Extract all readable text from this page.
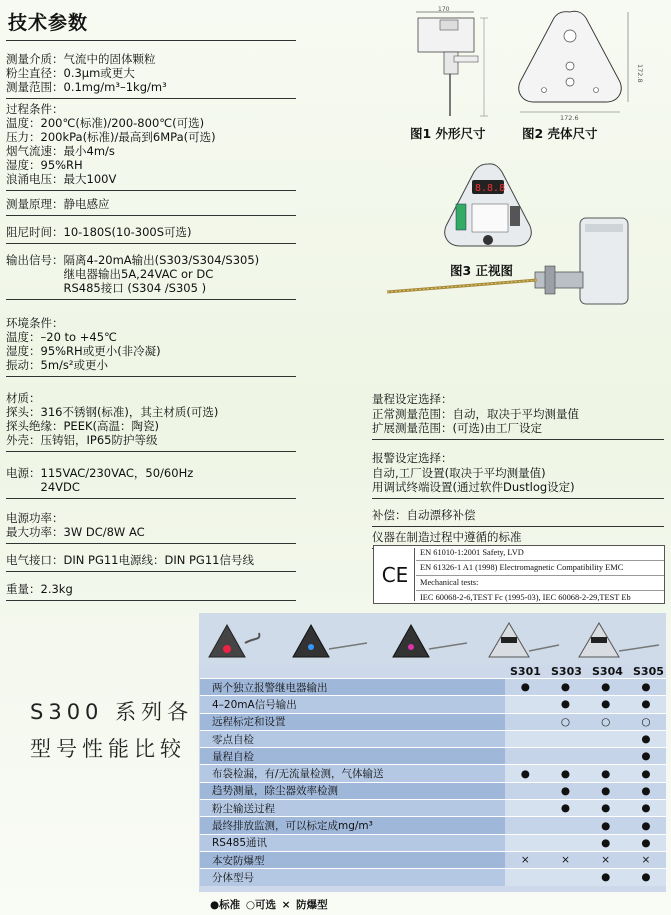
技术参数
测量介质：气流中的固体颗粒
粉尘直径：0.3μm或更大
测量范围：0.1mg/m³–1kg/m³
过程条件：
温度：200℃(标准)/200-800℃(可选)
压力：200kPa(标准)/最高到6MPa(可选)
烟气流速：最小4m/s
湿度：95%RH
浪涌电压：最大100V
测量原理：静电感应
阻尼时间：10-180S(10-300S可选)
输出信号：隔离4-20mA输出(S303/S304/S305)
　　　　　继电器输出5A,24VAC or DC
　　　　　RS485接口 (S304 /S305 )
环境条件：
温度：–20 to +45℃
湿度：95%RH或更小(非冷凝)
振动：5m/s²或更小
材质：
探头：316不锈钢(标准)，其主材质(可选)
探头绝缘：PEEK(高温：陶瓷)
外壳：压铸铝，IP65防护等级
电源：115VAC/230VAC，50/60Hz
　　　24VDC
电源功率：
最大功率：3W DC/8W AC
电气接口：DIN PG11电源线：DIN PG11信号线
重量：2.3kg
170
172.6
172.8
图1 外形尺寸	图2 壳体尺寸
8.8.8
图3 正视图
量程设定选择：
正常测量范围：自动，取决于平均测量值
扩展测量范围：(可选)由工厂设定
报警设定选择：
自动,工厂设置(取决于平均测量值)
用调试终端设置(通过软件Dustlog设定)
补偿：自动漂移补偿
仪器在制造过程中遵循的标准
CE
EN 61010-1:2001 Safety, LVD
EN 61326-1 A1 (1998) Electromagnetic Compatibility EMC
Mechanical tests:
IEC 60068-2-6,TEST Fc (1995-03), IEC 60068-2-29,TEST Eb
S300 系列各
型号性能比较
S301 S303 S304 S305
两个独立报警继电器输出	●	●	●	●
4–20mA信号输出		●	●	●
远程标定和设置		○	○	○
零点自检				●
量程自检				●
布袋检漏，有/无流量检测，气体输送	●	●	●	●
趋势测量，除尘器效率检测		●	●	●
粉尘输送过程		●	●	●
最终排放监测，可以标定成mg/m³			●	●
RS485通讯			●	●
本安防爆型	×	×	×	×
分体型号			●	●
●标准 ○可选 × 防爆型
